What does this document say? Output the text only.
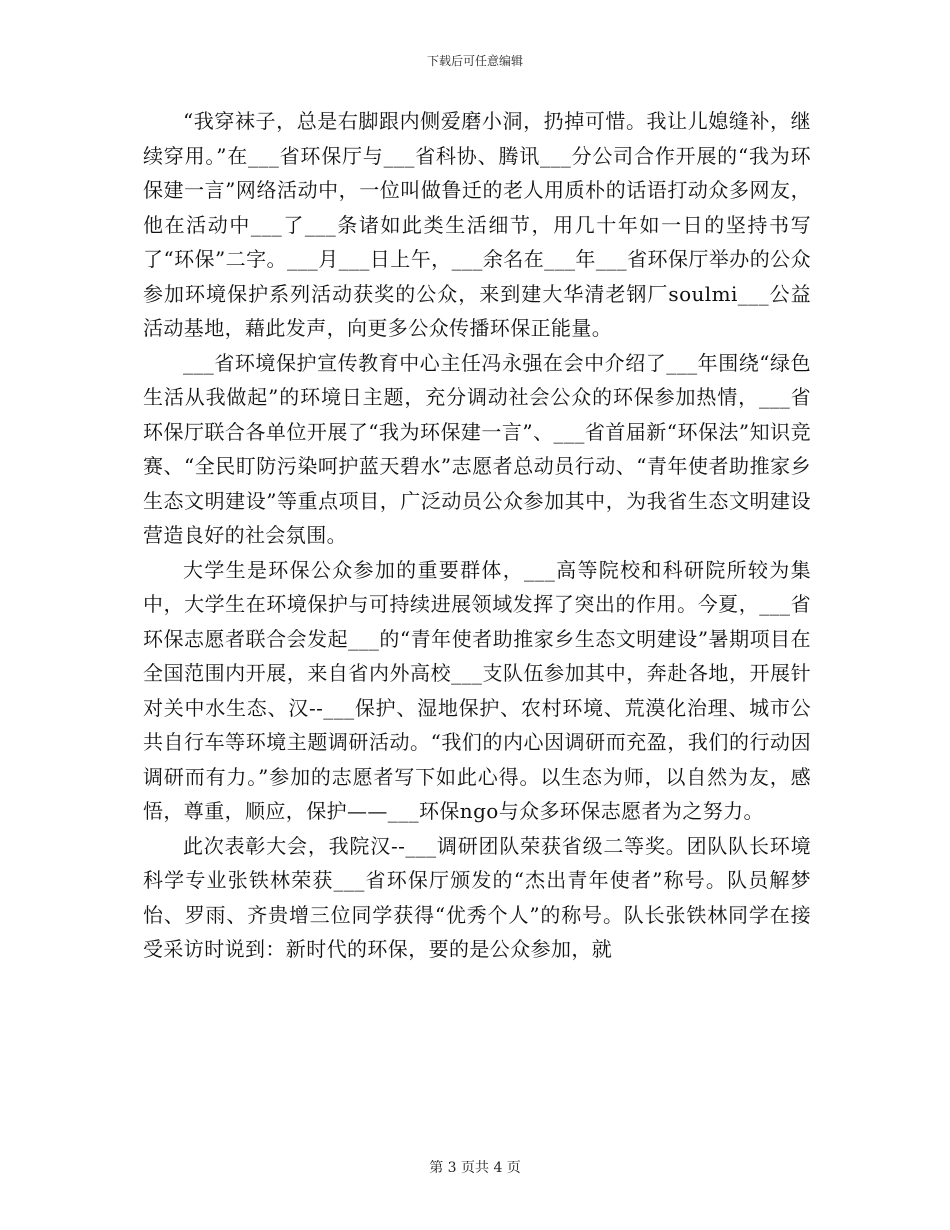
下载后可任意编辑

“我穿袜子，总是右脚跟内侧爱磨小洞，扔掉可惜。我让儿媳缝补，继续穿用。”在___省环保厅与___省科协、腾讯___分公司合作开展的“我为环保建一言”网络活动中，一位叫做鲁迁的老人用质朴的话语打动众多网友，他在活动中___了___条诸如此类生活细节，用几十年如一日的坚持书写了“环保”二字。___月___日上午，___余名在___年___省环保厅举办的公众参加环境保护系列活动获奖的公众，来到建大华清老钢厂soulmi___公益活动基地，藉此发声，向更多公众传播环保正能量。

___省环境保护宣传教育中心主任冯永强在会中介绍了___年围绕“绿色生活从我做起”的环境日主题，充分调动社会公众的环保参加热情，___省环保厅联合各单位开展了“我为环保建一言”、___省首届新“环保法”知识竞赛、“全民盯防污染呵护蓝天碧水”志愿者总动员行动、“青年使者助推家乡生态文明建设”等重点项目，广泛动员公众参加其中，为我省生态文明建设营造良好的社会氛围。

大学生是环保公众参加的重要群体，___高等院校和科研院所较为集中，大学生在环境保护与可持续进展领域发挥了突出的作用。今夏，___省环保志愿者联合会发起___的“青年使者助推家乡生态文明建设”暑期项目在全国范围内开展，来自省内外高校___支队伍参加其中，奔赴各地，开展针对关中水生态、汉--___保护、湿地保护、农村环境、荒漠化治理、城市公共自行车等环境主题调研活动。“我们的内心因调研而充盈，我们的行动因调研而有力。”参加的志愿者写下如此心得。以生态为师，以自然为友，感悟，尊重，顺应，保护——___环保ngo与众多环保志愿者为之努力。

此次表彰大会，我院汉--___调研团队荣获省级二等奖。团队队长环境科学专业张铁林荣获___省环保厅颁发的“杰出青年使者”称号。队员解梦怡、罗雨、齐贵增三位同学获得“优秀个人”的称号。队长张铁林同学在接受采访时说到：新时代的环保，要的是公众参加，就

第 3 页共 4 页
